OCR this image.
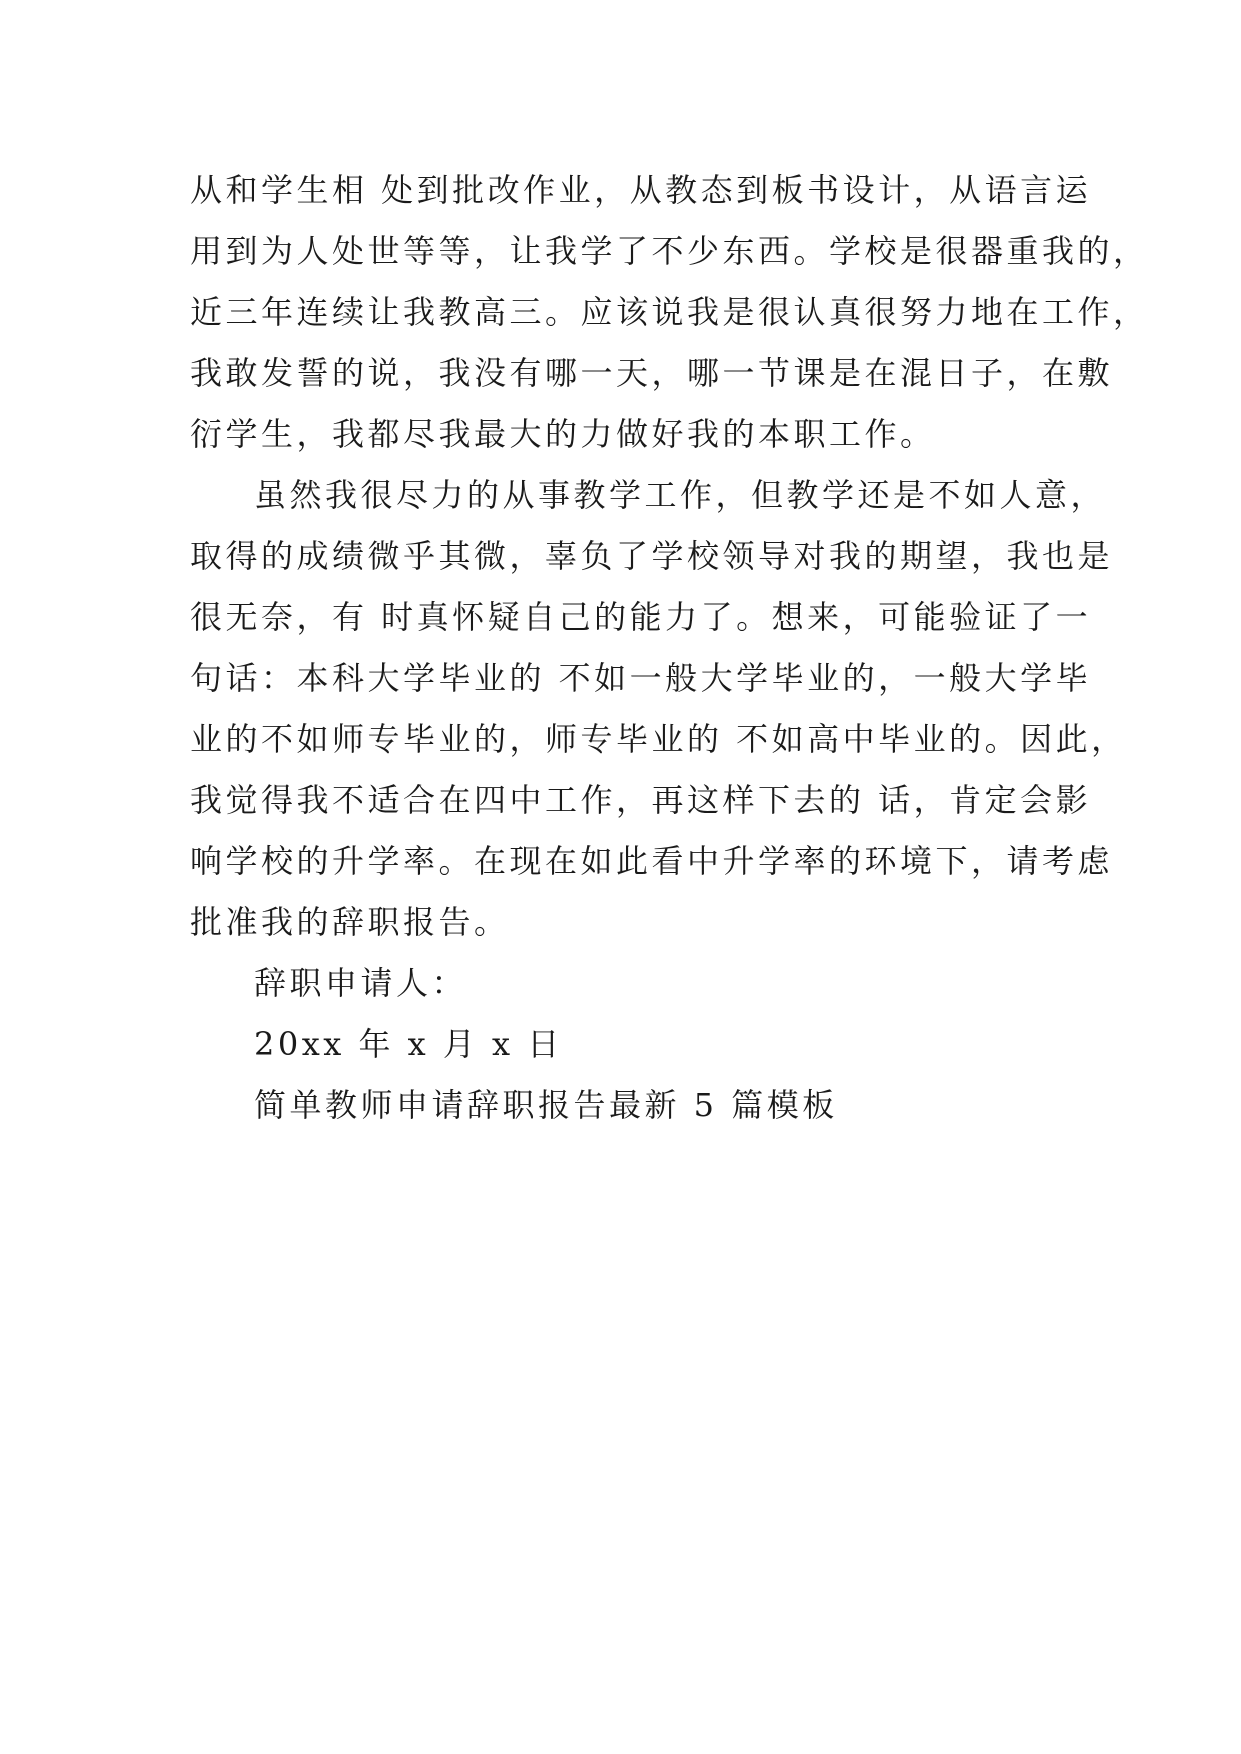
从和学生相 处到批改作业，从教态到板书设计，从语言运
用到为人处世等等，让我学了不少东西。学校是很器重我的，
近三年连续让我教高三。应该说我是很认真很努力地在工作，
我敢发誓的说，我没有哪一天，哪一节课是在混日子，在敷
衍学生，我都尽我最大的力做好我的本职工作。
虽然我很尽力的从事教学工作，但教学还是不如人意，
取得的成绩微乎其微，辜负了学校领导对我的期望，我也是
很无奈，有 时真怀疑自己的能力了。想来，可能验证了一
句话：本科大学毕业的 不如一般大学毕业的，一般大学毕
业的不如师专毕业的，师专毕业的 不如高中毕业的。因此，
我觉得我不适合在四中工作，再这样下去的 话，肯定会影
响学校的升学率。在现在如此看中升学率的环境下，请考虑
批准我的辞职报告。
辞职申请人：
20xx 年 x 月 x 日
简单教师申请辞职报告最新 5 篇模板
